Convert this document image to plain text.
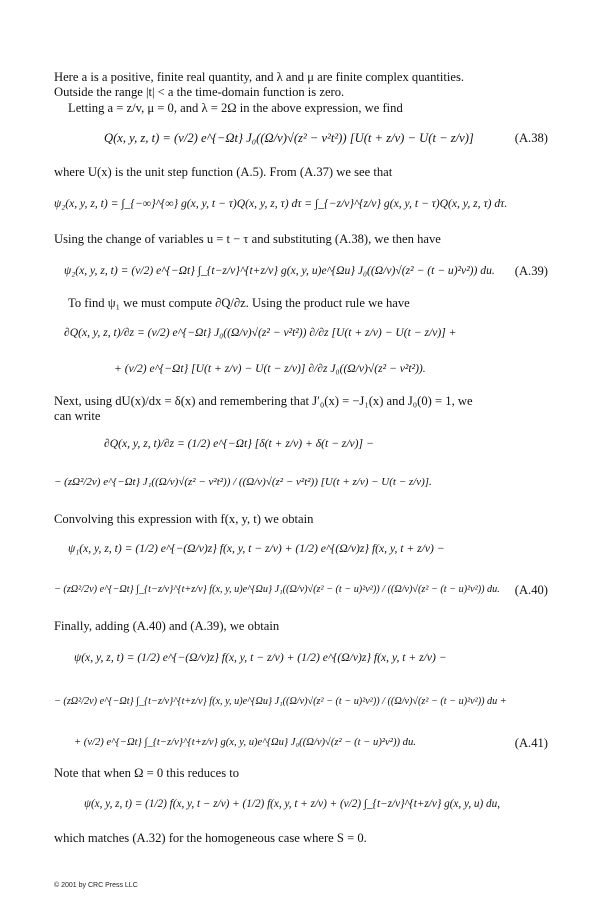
Here a is a positive, finite real quantity, and λ and μ are finite complex quantities.
Outside the range |t| < a the time-domain function is zero.
Letting a = z/v, μ = 0, and λ = 2Ω in the above expression, we find
Q(x, y, z, t) = (v/2) e^{−Ωt} J₀((Ω/v)√(z² − v²t²)) [U(t + z/v) − U(t − z/v)]	(A.38)
where U(x) is the unit step function (A.5). From (A.37) we see that
ψ₂(x, y, z, t) = ∫_{−∞}^{∞} g(x, y, t − τ)Q(x, y, z, τ) dτ = ∫_{−z/v}^{z/v} g(x, y, t − τ)Q(x, y, z, τ) dτ.
Using the change of variables u = t − τ and substituting (A.38), we then have
ψ₂(x, y, z, t) = (v/2) e^{−Ωt} ∫_{t−z/v}^{t+z/v} g(x, y, u)e^{Ωu} J₀((Ω/v)√(z² − (t − u)²v²)) du. (A.39)
To find ψ₁ we must compute ∂Q/∂z. Using the product rule we have
∂Q(x, y, z, t)/∂z = (v/2) e^{−Ωt} J₀((Ω/v)√(z² − v²t²)) ∂/∂z [U(t + z/v) − U(t − z/v)] +
+ (v/2) e^{−Ωt} [U(t + z/v) − U(t − z/v)] ∂/∂z J₀((Ω/v)√(z² − v²t²)).
Next, using dU(x)/dx = δ(x) and remembering that J′₀(x) = −J₁(x) and J₀(0) = 1, we
can write
∂Q(x, y, z, t)/∂z = (1/2) e^{−Ωt} [δ(t + z/v) + δ(t − z/v)] −
− (zΩ²/2v) e^{−Ωt} J₁((Ω/v)√(z² − v²t²)) / ((Ω/v)√(z² − v²t²)) [U(t + z/v) − U(t − z/v)].
Convolving this expression with f(x, y, t) we obtain
ψ₁(x, y, z, t) = (1/2) e^{−(Ω/v)z} f(x, y, t − z/v) + (1/2) e^{(Ω/v)z} f(x, y, t + z/v) −
− (zΩ²/2v) e^{−Ωt} ∫_{t−z/v}^{t+z/v} f(x, y, u)e^{Ωu} J₁((Ω/v)√(z² − (t − u)²v²)) / ((Ω/v)√(z² − (t − u)²v²)) du. (A.40)
Finally, adding (A.40) and (A.39), we obtain
ψ(x, y, z, t) = (1/2) e^{−(Ω/v)z} f(x, y, t − z/v) + (1/2) e^{(Ω/v)z} f(x, y, t + z/v) −
− (zΩ²/2v) e^{−Ωt} ∫_{t−z/v}^{t+z/v} f(x, y, u)e^{Ωu} J₁((Ω/v)√(z² − (t − u)²v²)) / ((Ω/v)√(z² − (t − u)²v²)) du +
+ (v/2) e^{−Ωt} ∫_{t−z/v}^{t+z/v} g(x, y, u)e^{Ωu} J₀((Ω/v)√(z² − (t − u)²v²)) du.	(A.41)
Note that when Ω = 0 this reduces to
ψ(x, y, z, t) = (1/2) f(x, y, t − z/v) + (1/2) f(x, y, t + z/v) + (v/2) ∫_{t−z/v}^{t+z/v} g(x, y, u) du,
which matches (A.32) for the homogeneous case where S = 0.
© 2001 by CRC Press LLC
